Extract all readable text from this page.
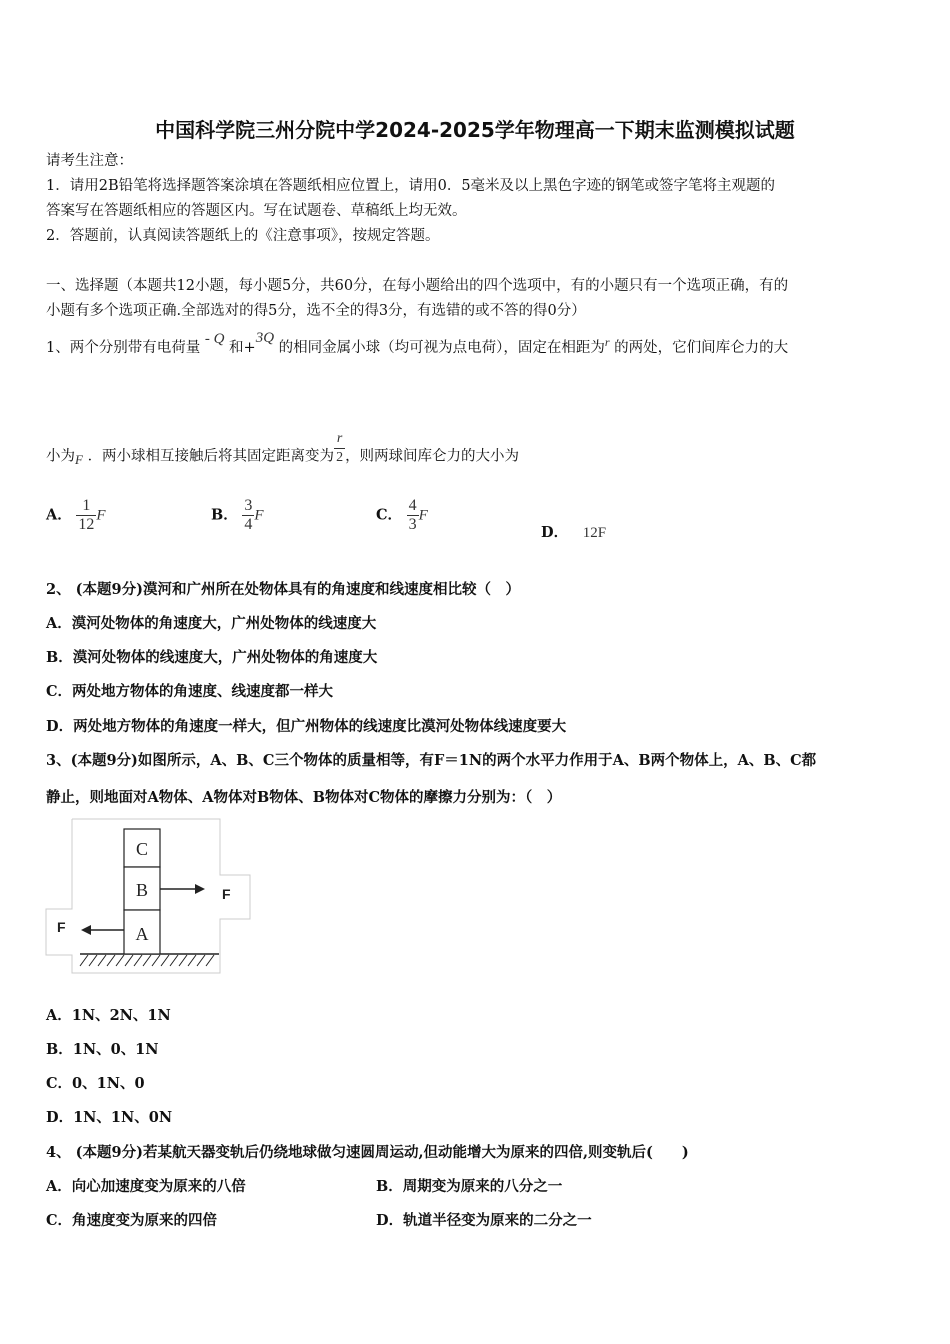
中国科学院三州分院中学2024-2025学年物理高一下期末监测模拟试题
请考生注意：
1．请用2B铅笔将选择题答案涂填在答题纸相应位置上，请用0．5毫米及以上黑色字迹的钢笔或签字笔将主观题的
答案写在答题纸相应的答题区内。写在试题卷、草稿纸上均无效。
2．答题前，认真阅读答题纸上的《注意事项》，按规定答题。
一、选择题（本题共12小题，每小题5分，共60分，在每小题给出的四个选项中，有的小题只有一个选项正确，有的
小题有多个选项正确.全部选对的得5分，选不全的得3分，有选错的或不答的得0分）
1、两个分别带有电荷量 - Q 和+3Q 的相同金属小球（均可视为点电荷），固定在相距为$^r$ 的两处，它们间库仑力的大
小为F ．两小球相互接触后将其固定距离变为 $\frac{r}{2}$ ，则两球间库仑力的大小为
A． $\frac{1}{12}$ F	B． $\frac{3}{4}$ F	C． $\frac{4}{3}$ F
D． 12F
2、 (本题9分)漠河和广州所在处物体具有的角速度和线速度相比较（　）
A．漠河处物体的角速度大，广州处物体的线速度大
B．漠河处物体的线速度大，广州处物体的角速度大
C．两处地方物体的角速度、线速度都一样大
D．两处地方物体的角速度一样大，但广州物体的线速度比漠河处物体线速度要大
3、(本题9分)如图所示，A、B、C三个物体的质量相等，有F＝1N的两个水平力作用于A、B两个物体上，A、B、C都
静止，则地面对A物体、A物体对B物体、B物体对C物体的摩擦力分别为：（　）
C
B
A
F
F
A．1N、2N、1N
B．1N、0、1N
C．0、1N、0
D．1N、1N、0N
4、 (本题9分)若某航天器变轨后仍绕地球做匀速圆周运动,但动能增大为原来的四倍,则变轨后(　　)
A．向心加速度变为原来的八倍	B．周期变为原来的八分之一
C．角速度变为原来的四倍	D．轨道半径变为原来的二分之一
